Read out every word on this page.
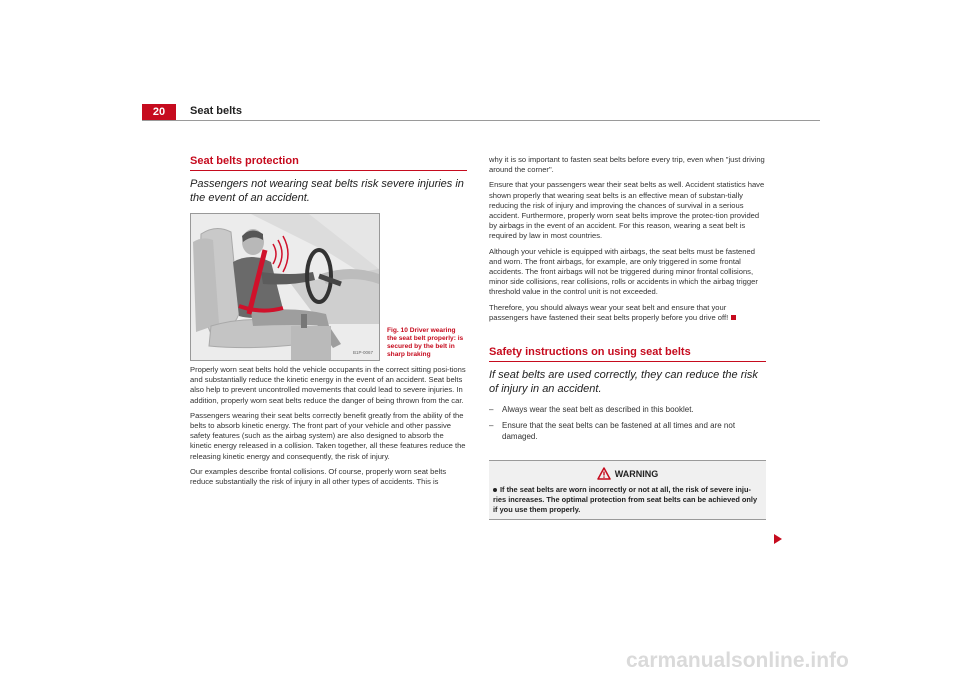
20	Seat belts
Seat belts protection
Passengers not wearing seat belts risk severe injuries in the event of an accident.
B1P-0067
Fig. 10 Driver wearing the seat belt properly: is secured by the belt in sharp braking

Properly worn seat belts hold the vehicle occupants in the correct sitting posi-tions and substantially reduce the kinetic energy in the event of an accident. Seat belts also help to prevent uncontrolled movements that could lead to severe injuries. In addition, properly worn seat belts reduce the danger of being thrown from the car.

Passengers wearing their seat belts correctly benefit greatly from the ability of the belts to absorb kinetic energy. The front part of your vehicle and other passive safety features (such as the airbag system) are also designed to absorb the kinetic energy released in a collision. Taken together, all these features reduce the releasing kinetic energy and consequently, the risk of injury.

Our examples describe frontal collisions. Of course, properly worn seat belts reduce substantially the risk of injury in all other types of accidents. This is

why it is so important to fasten seat belts before every trip, even when "just driving around the corner".

Ensure that your passengers wear their seat belts as well. Accident statistics have shown properly that wearing seat belts is an effective mean of substan-tially reducing the risk of injury and improving the chances of survival in a serious accident. Furthermore, properly worn seat belts improve the protec-tion provided by airbags in the event of an accident. For this reason, wearing a seat belt is required by law in most countries.

Although your vehicle is equipped with airbags, the seat belts must be fastened and worn. The front airbags, for example, are only triggered in some frontal accidents. The front airbags will not be triggered during minor frontal collisions, minor side collisions, rear collisions, rolls or accidents in which the airbag trigger threshold value in the control unit is not exceeded.

Therefore, you should always wear your seat belt and ensure that your passengers have fastened their seat belts properly before you drive off!

Safety instructions on using seat belts
If seat belts are used correctly, they can reduce the risk of injury in an accident.
–	Always wear the seat belt as described in this booklet.
–	Ensure that the seat belts can be fastened at all times and are not damaged.
WARNING
If the seat belts are worn incorrectly or not at all, the risk of severe inju-ries increases. The optimal protection from seat belts can be achieved only if you use them properly.
carmanualsonline.info
